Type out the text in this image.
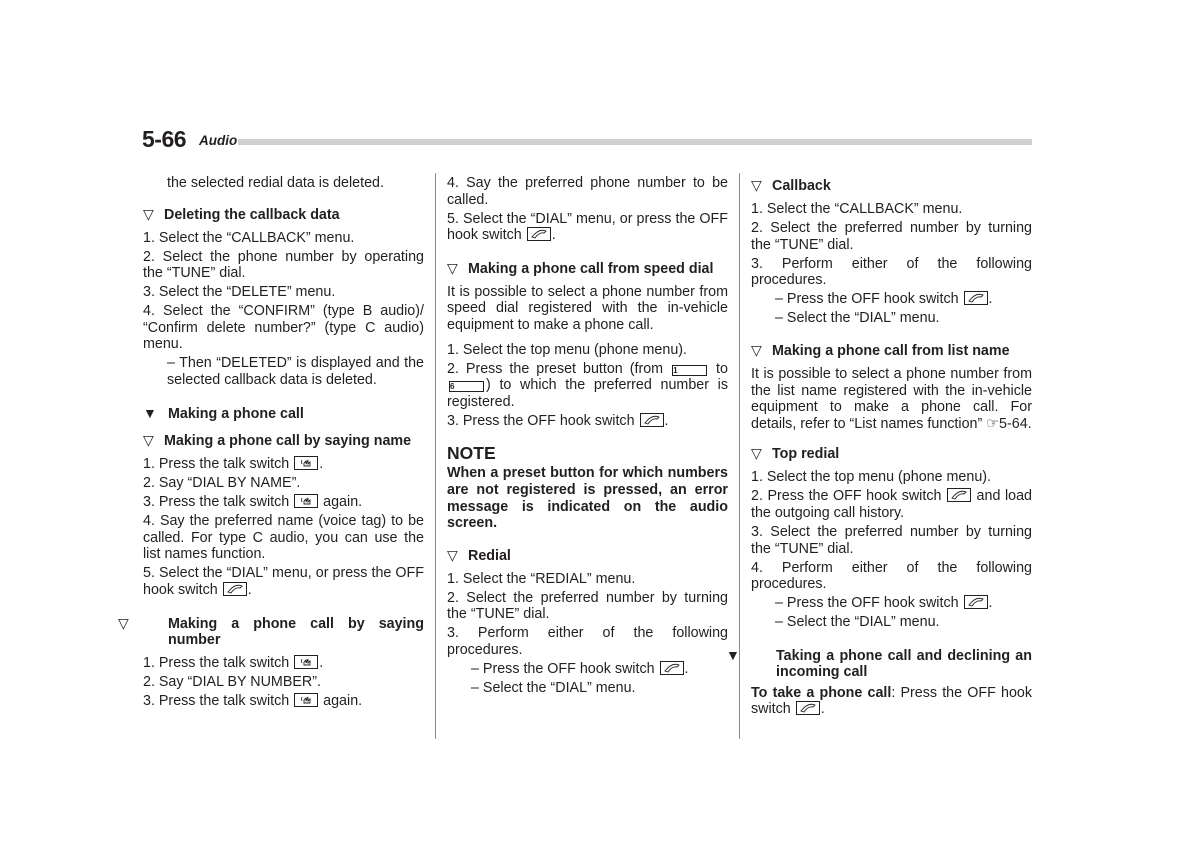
5-66 Audio

the selected redial data is deleted.

▽ Deleting the callback data

1. Select the “CALLBACK” menu.

2. Select the phone number by operating the “TUNE” dial.

3. Select the “DELETE” menu.

4. Select the “CONFIRM” (type B audio)/ “Confirm delete number?” (type C audio) menu.

– Then “DELETED” is displayed and the selected callback data is deleted.

▼ Making a phone call
▽ Making a phone call by saying name

1. Press the talk switch .

2. Say “DIAL BY NAME”.

3. Press the talk switch
again.

4. Say the preferred name (voice tag) to be called. For type C audio, you can use the list names function.

5. Select the “DIAL” menu, or press the OFF hook switch .

▽	Making a phone call by saying number

1. Press the talk switch .

2. Say “DIAL BY NUMBER”.

3. Press the talk switch
again.

4. Say the preferred phone number to be called.

5. Select the “DIAL” menu, or press the OFF hook switch .

▽ Making a phone call from speed dial

It is possible to select a phone number from speed dial registered with the in-vehicle equipment to make a phone call.

1. Select the top menu (phone menu).

2. Press the preset button (from 1	to 6 ) to which the preferred number is registered.

3. Press the OFF hook switch .

NOTE

When a preset button for which numbers are not registered is pressed, an error message is indicated on the audio screen.

▽ Redial

1. Select the “REDIAL” menu.

2. Select the preferred number by turning the “TUNE” dial.

3. Perform either of the following procedures.

– Press the OFF hook switch .

– Select the “DIAL” menu.

▽ Callback

1. Select the “CALLBACK” menu.

2. Select the preferred number by turning the “TUNE” dial.

3. Perform either of the following procedures.

– Press the OFF hook switch .

– Select the “DIAL” menu.

▽ Making a phone call from list name

It is possible to select a phone number from the list name registered with the in-vehicle equipment to make a phone call. For details, refer to “List names function” ☞5-64.

▽ Top redial

1. Select the top menu (phone menu).

2. Press the OFF hook switch
and load the outgoing call history.

3. Select the preferred number by turning the “TUNE” dial.

4. Perform either of the following procedures.

– Press the OFF hook switch .

– Select the “DIAL” menu.

▼	Taking a phone call and declining an incoming call

To take a phone call: Press the OFF hook switch .
